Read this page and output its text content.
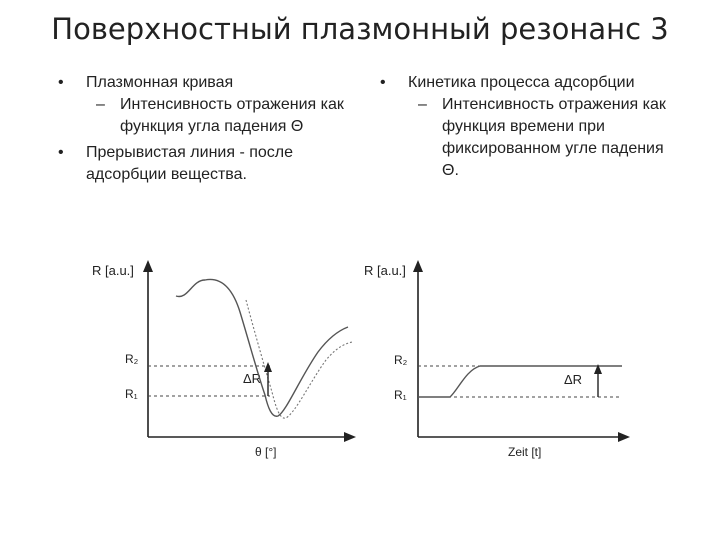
Поверхностный плазмонный резонанс 3
• Плазмонная кривая
– Интенсивность отражения как функция угла падения Θ
• Прерывистая линия - после адсорбции вещества.
• Кинетика процесса адсорбции
– Интенсивность отражения как функция времени при фиксированном угле падения Θ.
R [a.u.]
θ [°]
R₂
R₁
ΔR
R [a.u.]
Zeit [t]
R₂
R₁
ΔR
